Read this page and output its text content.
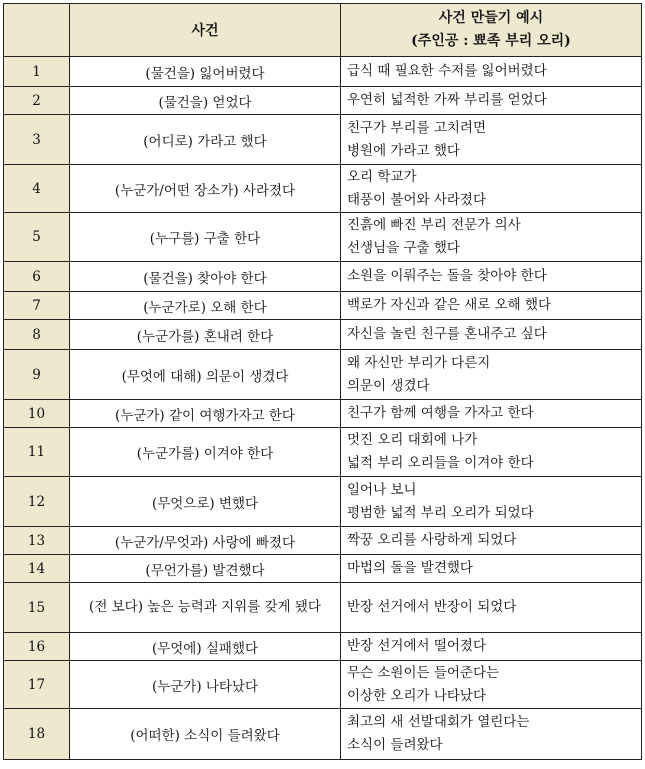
	사건	사건 만들기 예시
(주인공 : 뾰족 부리 오리)

1	(물건을) 잃어버렸다	급식 때 필요한 수저를 잃어버렸다

2	(물건을) 얻었다	우연히 넓적한 가짜 부리를 얻었다

3	(어디로) 가라고 했다	친구가 부리를 고치려면
병원에 가라고 했다

4	(누군가/어떤 장소가) 사라졌다	오리 학교가
태풍이 불어와 사라졌다

5	(누구를) 구출 한다	진흙에 빠진 부리 전문가 의사
선생님을 구출 했다

6	(물건을) 찾아야 한다	소원을 이뤄주는 돌을 찾아야 한다

7	(누군가로) 오해 한다	백로가 자신과 같은 새로 오해 했다

8	(누군가를) 혼내려 한다	자신을 놀린 친구를 혼내주고 싶다

9	(무엇에 대해) 의문이 생겼다	왜 자신만 부리가 다른지
의문이 생겼다

10	(누군가) 같이 여행가자고 한다	친구가 함께 여행을 가자고 한다

11	(누군가를) 이겨야 한다	멋진 오리 대회에 나가
넓적 부리 오리들을 이겨야 한다

12	(무엇으로) 변했다	일어나 보니
평범한 넓적 부리 오리가 되었다

13	(누군가/무엇과) 사랑에 빠졌다	짝꿍 오리를 사랑하게 되었다

14	(무언가를) 발견했다	마법의 돌을 발견했다

15	(전 보다) 높은 능력과 지위를 갖게 됐다	반장 선거에서 반장이 되었다

16	(무엇에) 실패했다	반장 선거에서 떨어졌다

17	(누군가) 나타났다	무슨 소원이든 들어준다는
이상한 오리가 나타났다

18	(어떠한) 소식이 들려왔다	최고의 새 선발대회가 열린다는
소식이 들려왔다
